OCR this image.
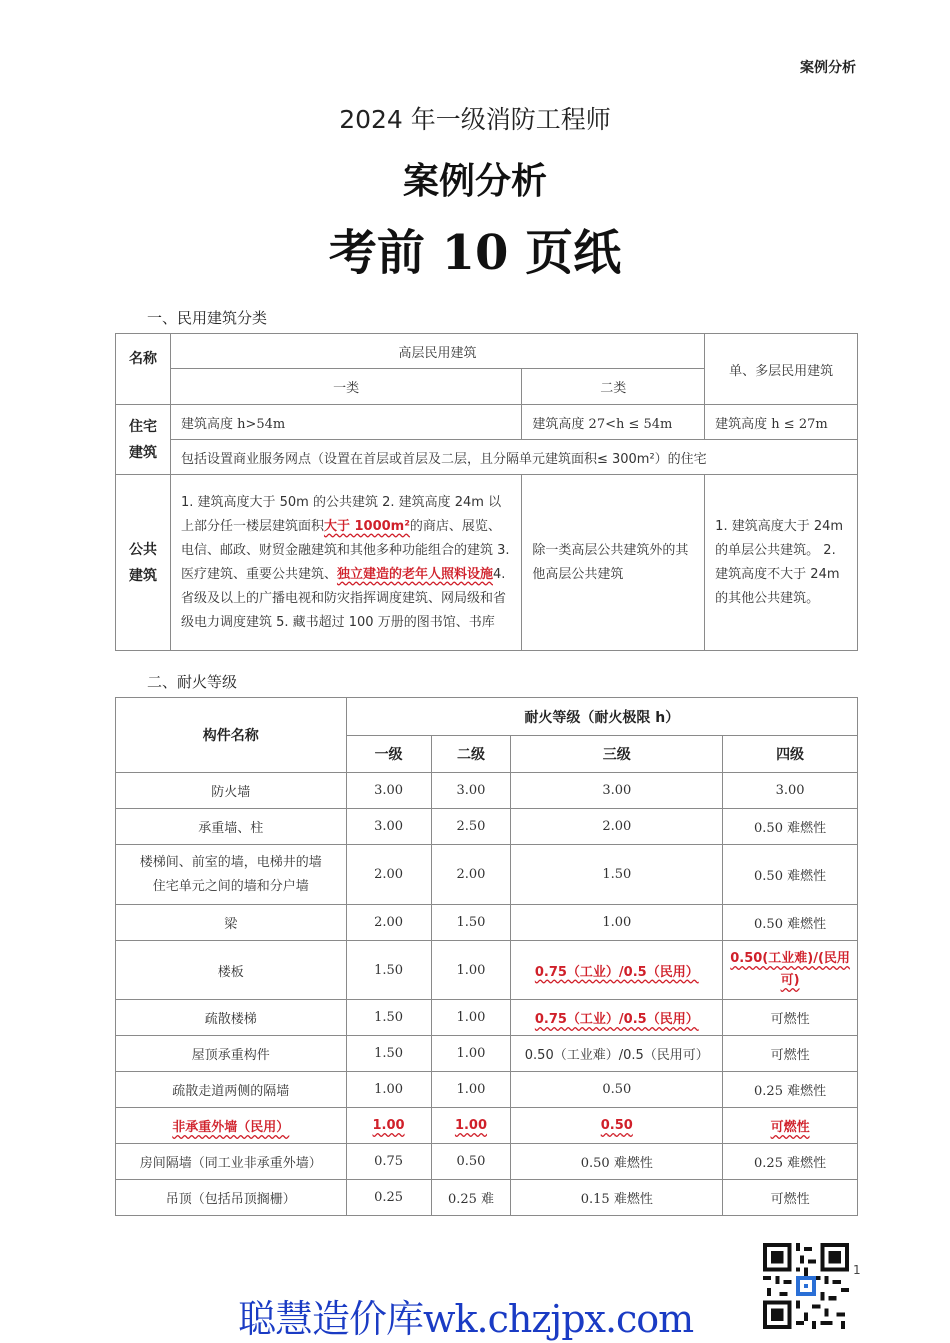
案例分析
2024 年一级消防工程师
案例分析
考前 10 页纸
一、民用建筑分类
名称	高层民用建筑		单、多层民用建筑
	一类	二类	
住宅建筑	建筑高度 h>54m	建筑高度 27<h ≤ 54m	建筑高度 h ≤ 27m
	包括设置商业服务网点（设置在首层或首层及二层，且分隔单元建筑面积≤ 300m²）的住宅		
公共建筑	1. 建筑高度大于 50m 的公共建筑 2. 建筑高度 24m 以上部分任一楼层建筑面积大于 1000m²的商店、展览、电信、邮政、财贸金融建筑和其他多种功能组合的建筑 3. 医疗建筑、重要公共建筑、独立建造的老年人照料设施4. 省级及以上的广播电视和防灾指挥调度建筑、网局级和省级电力调度建筑 5. 藏书超过 100 万册的图书馆、书库	除一类高层公共建筑外的其他高层公共建筑	1. 建筑高度大于 24m 的单层公共建筑。 2. 建筑高度不大于 24m的其他公共建筑。
二、耐火等级
构件名称	耐火等级（耐火极限 h）			
	一级	二级	三级	四级
防火墙	3.00	3.00	3.00	3.00
承重墙、柱	3.00	2.50	2.00	0.50 难燃性

楼梯间、前室的墙，电梯井的墙
住宅单元之间的墙和分户墙	2.00	2.00	1.50	0.50 难燃性
梁	2.00	1.50	1.00	0.50 难燃性
楼板	1.50	1.00	0.75（工业）/0.5（民用）	0.50(工业难)/(民用可)
疏散楼梯	1.50	1.00	0.75（工业）/0.5（民用）	可燃性
屋顶承重构件	1.50	1.00	0.50（工业难）/0.5（民用可）	可燃性
疏散走道两侧的隔墙	1.00	1.00	0.50	0.25 难燃性
非承重外墙（民用）	1.00	1.00	0.50	可燃性
房间隔墙（同工业非承重外墙）	0.75	0.50	0.50 难燃性	0.25 难燃性
吊顶（包括吊顶搁栅）	0.25	0.25 难	0.15 难燃性	可燃性
聪慧造价库wk.chzjpx.com
1
